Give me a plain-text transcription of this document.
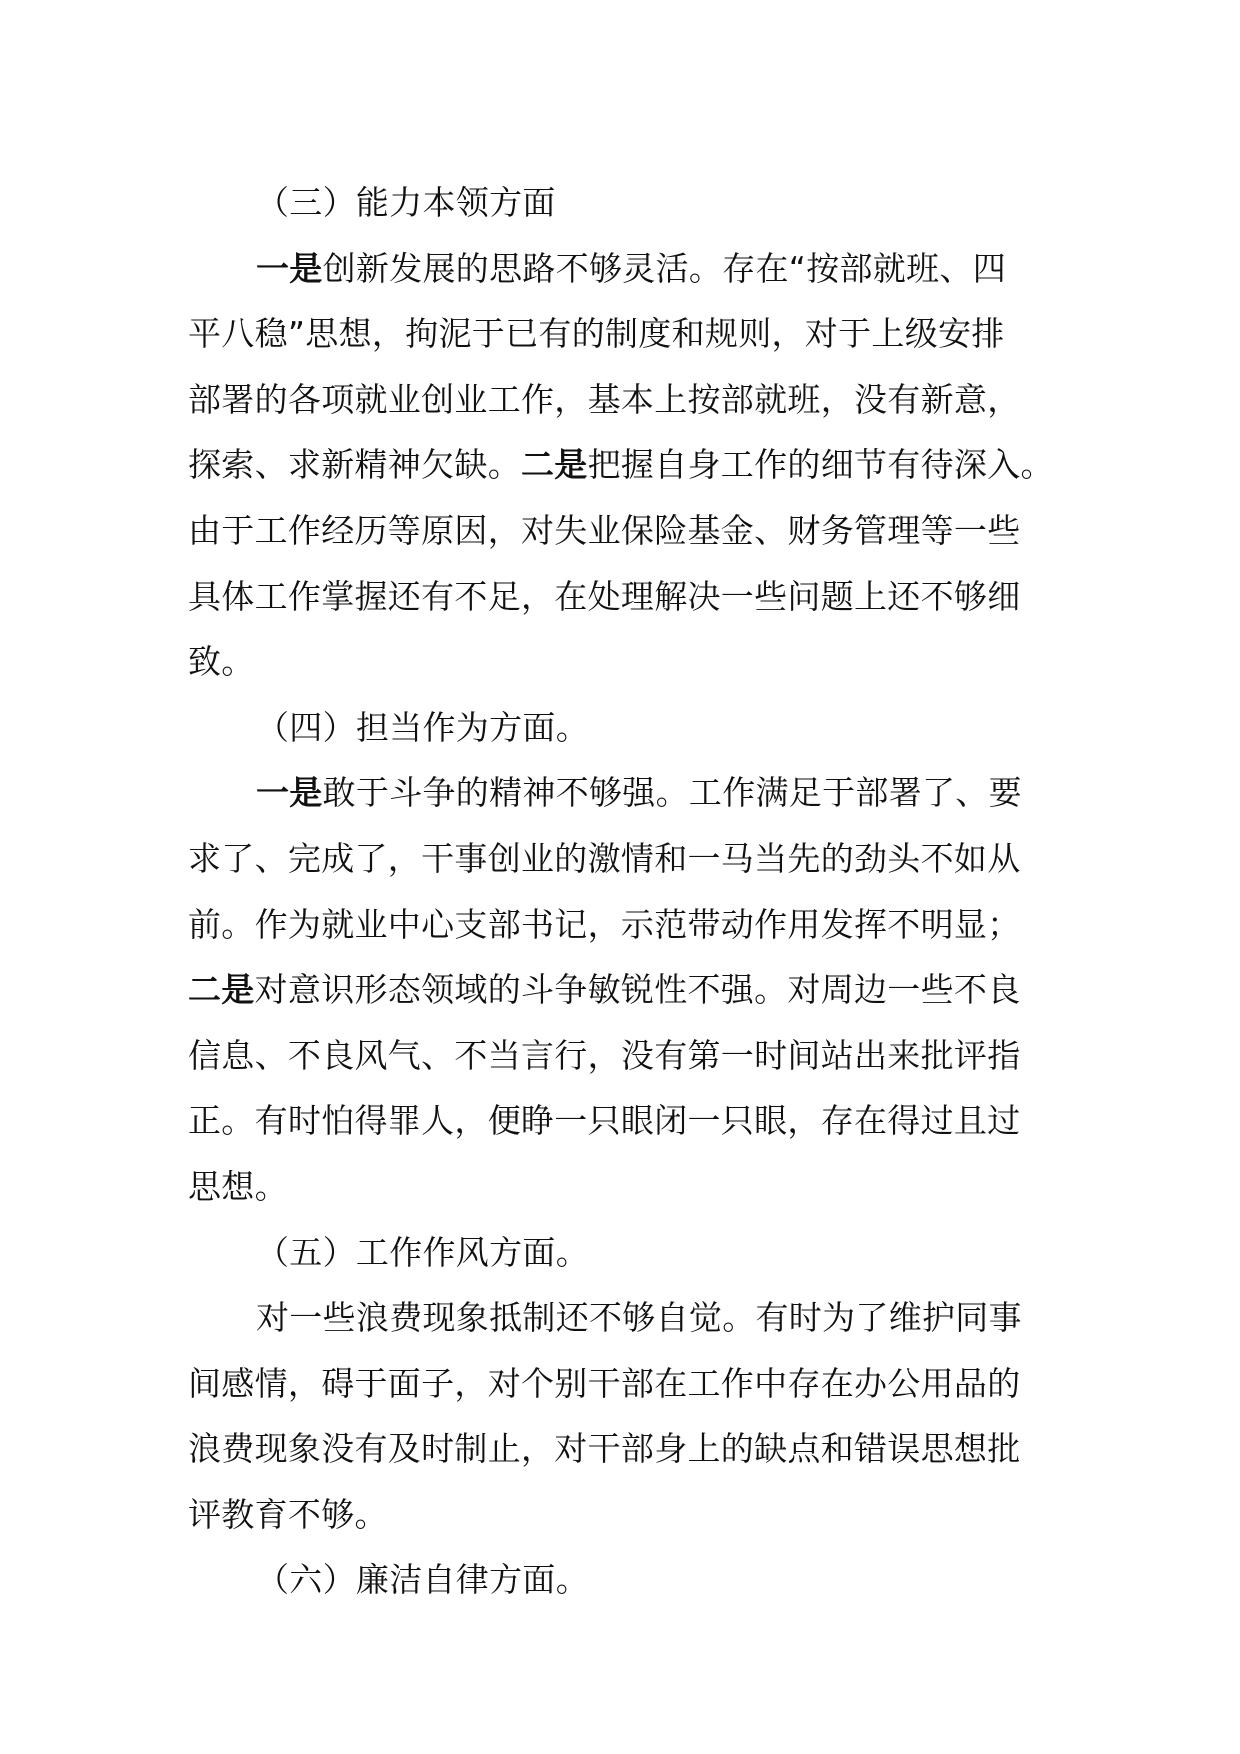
（三）能力本领方面
一是创新发展的思路不够灵活。存在“按部就班、四
平八稳”思想，拘泥于已有的制度和规则，对于上级安排
部署的各项就业创业工作，基本上按部就班，没有新意，
探索、求新精神欠缺。二是把握自身工作的细节有待深入。
由于工作经历等原因，对失业保险基金、财务管理等一些
具体工作掌握还有不足，在处理解决一些问题上还不够细
致。
（四）担当作为方面。
一是敢于斗争的精神不够强。工作满足于部署了、要
求了、完成了，干事创业的激情和一马当先的劲头不如从
前。作为就业中心支部书记，示范带动作用发挥不明显；
二是对意识形态领域的斗争敏锐性不强。对周边一些不良
信息、不良风气、不当言行，没有第一时间站出来批评指
正。有时怕得罪人，便睁一只眼闭一只眼，存在得过且过
思想。
（五）工作作风方面。
对一些浪费现象抵制还不够自觉。有时为了维护同事
间感情，碍于面子，对个别干部在工作中存在办公用品的
浪费现象没有及时制止，对干部身上的缺点和错误思想批
评教育不够。
（六）廉洁自律方面。
